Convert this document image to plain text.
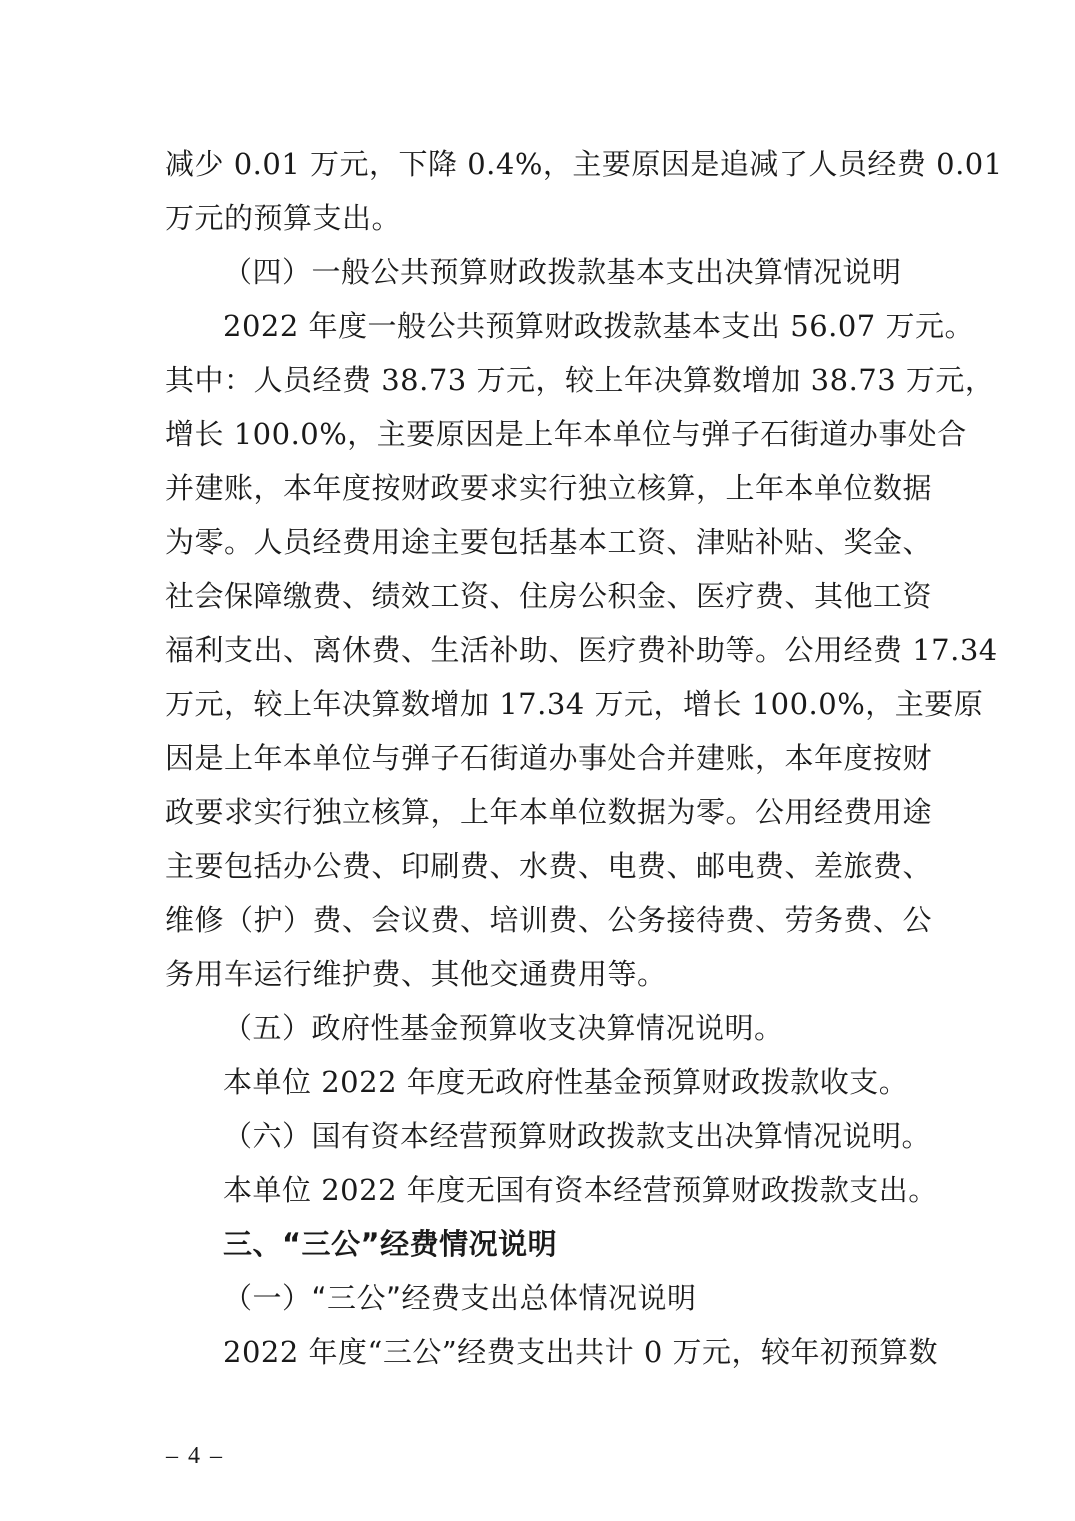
减少 0.01 万元，下降 0.4%，主要原因是追减了人员经费 0.01
万元的预算支出。
（四）一般公共预算财政拨款基本支出决算情况说明
2022 年度一般公共预算财政拨款基本支出 56.07 万元。
其中：人员经费 38.73 万元，较上年决算数增加 38.73 万元，
增长 100.0%，主要原因是上年本单位与弹子石街道办事处合
并建账，本年度按财政要求实行独立核算，上年本单位数据
为零。人员经费用途主要包括基本工资、津贴补贴、奖金、
社会保障缴费、绩效工资、住房公积金、医疗费、其他工资
福利支出、离休费、生活补助、医疗费补助等。公用经费 17.34
万元，较上年决算数增加 17.34 万元，增长 100.0%，主要原
因是上年本单位与弹子石街道办事处合并建账，本年度按财
政要求实行独立核算，上年本单位数据为零。公用经费用途
主要包括办公费、印刷费、水费、电费、邮电费、差旅费、
维修（护）费、会议费、培训费、公务接待费、劳务费、公
务用车运行维护费、其他交通费用等。
（五）政府性基金预算收支决算情况说明。
本单位 2022 年度无政府性基金预算财政拨款收支。
（六）国有资本经营预算财政拨款支出决算情况说明。
本单位 2022 年度无国有资本经营预算财政拨款支出。
三、“三公”经费情况说明
（一）“三公”经费支出总体情况说明
2022 年度“三公”经费支出共计 0 万元，较年初预算数
– 4 –
